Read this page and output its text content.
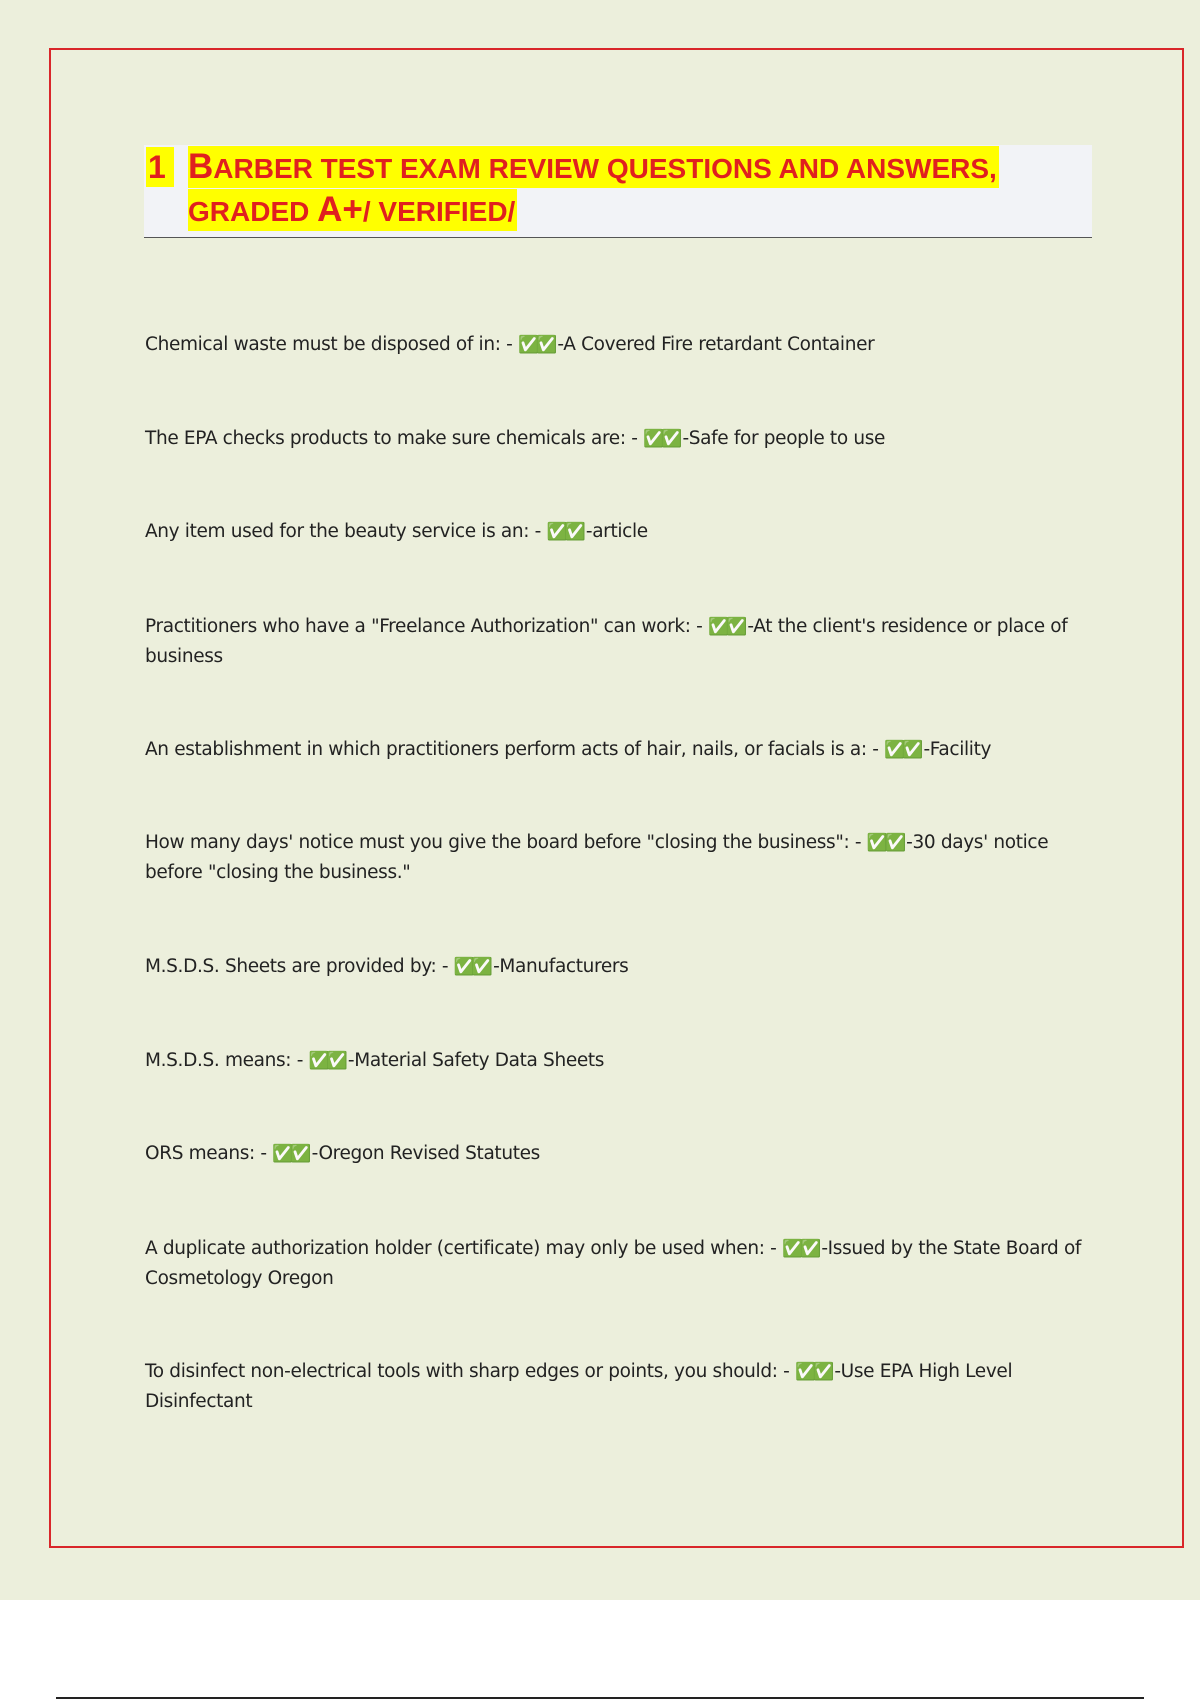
1 BARBER TEST EXAM REVIEW QUESTIONS AND ANSWERS,
GRADED A+/ VERIFIED/

Chemical waste must be disposed of in: - ✅✅ -A Covered Fire retardant Container

The EPA checks products to make sure chemicals are: - ✅✅ -Safe for people to use

Any item used for the beauty service is an: - ✅✅ -article

Practitioners who have a "Freelance Authorization" can work: - ✅✅ -At the client's residence or place of business

An establishment in which practitioners perform acts of hair, nails, or facials is a: - ✅✅ -Facility

How many days' notice must you give the board before "closing the business": - ✅✅ -30 days' notice before "closing the business."

M.S.D.S. Sheets are provided by: - ✅✅ -Manufacturers

M.S.D.S. means: - ✅✅ -Material Safety Data Sheets

ORS means: - ✅✅ -Oregon Revised Statutes

A duplicate authorization holder (certificate) may only be used when: - ✅✅ -Issued by the State Board of Cosmetology Oregon

To disinfect non-electrical tools with sharp edges or points, you should: - ✅✅ -Use EPA High Level Disinfectant
